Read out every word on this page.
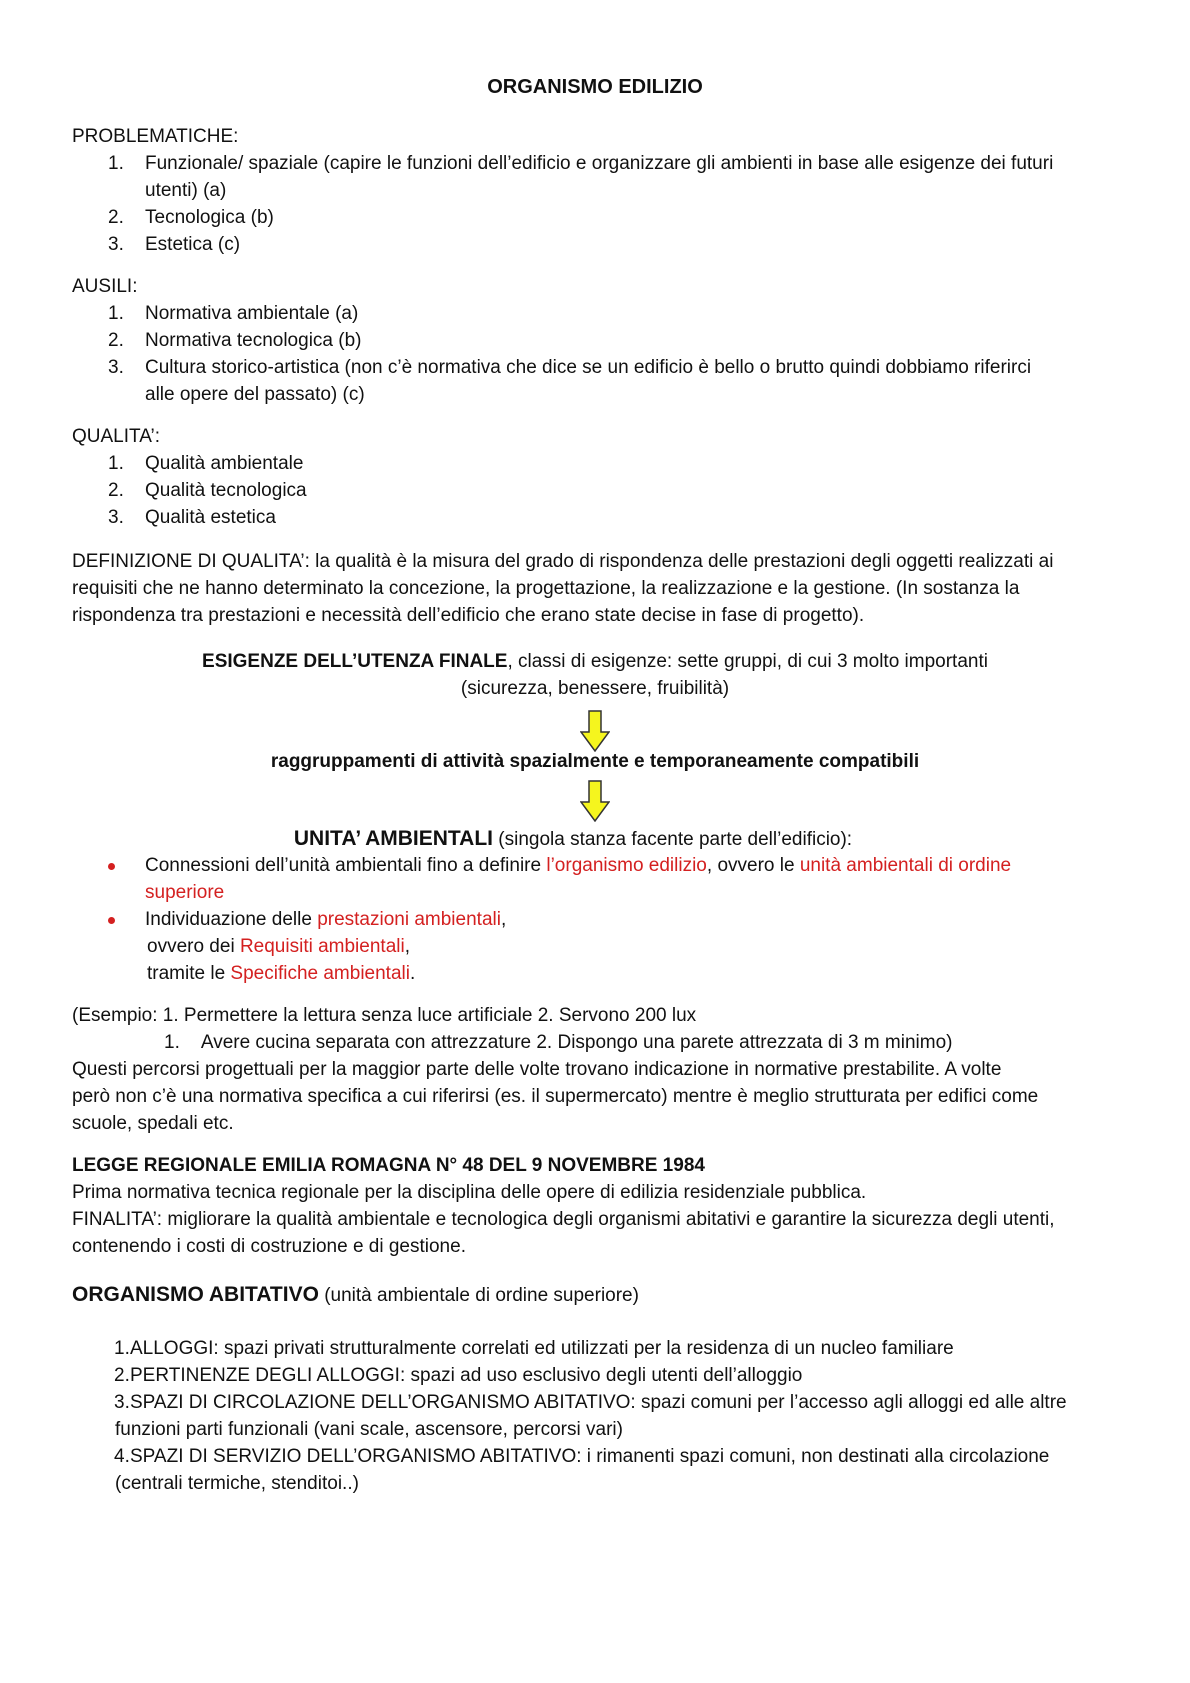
ORGANISMO EDILIZIO

PROBLEMATICHE:

1. Funzionale/ spaziale (capire le funzioni dell’edificio e organizzare gli ambienti in base alle esigenze dei futuri
utenti) (a)
2. Tecnologica (b)
3. Estetica (c)

AUSILI:

1. Normativa ambientale (a)
2. Normativa tecnologica (b)
3. Cultura storico-artistica (non c’è normativa che dice se un edificio è bello o brutto quindi dobbiamo riferirci
alle opere del passato) (c)

QUALITA’:

1. Qualità ambientale
2. Qualità tecnologica
3. Qualità estetica

DEFINIZIONE DI QUALITA’: la qualità è la misura del grado di rispondenza delle prestazioni degli oggetti realizzati ai
requisiti che ne hanno determinato la concezione, la progettazione, la realizzazione e la gestione. (In sostanza la
rispondenza tra prestazioni e necessità dell’edificio che erano state decise in fase di progetto).

ESIGENZE DELL’UTENZA FINALE, classi di esigenze: sette gruppi, di cui 3 molto importanti
(sicurezza, benessere, fruibilità)
raggruppamenti di attività spazialmente e temporaneamente compatibili
UNITA’ AMBIENTALI (singola stanza facente parte dell’edificio):
Connessioni dell’unità ambientali fino a definire l’organismo edilizio, ovvero le unità ambientali di ordine
superiore
Individuazione delle prestazioni ambientali,
ovvero dei Requisiti ambientali,
tramite le Specifiche ambientali.
(Esempio: 1. Permettere la lettura senza luce artificiale 2. Servono 200 lux
1. Avere cucina separata con attrezzature 2. Dispongo una parete attrezzata di 3 m minimo)
Questi percorsi progettuali per la maggior parte delle volte trovano indicazione in normative prestabilite. A volte
però non c’è una normativa specifica a cui riferirsi (es. il supermercato) mentre è meglio strutturata per edifici come
scuole, spedali etc.
LEGGE REGIONALE EMILIA ROMAGNA N° 48 DEL 9 NOVEMBRE 1984
Prima normativa tecnica regionale per la disciplina delle opere di edilizia residenziale pubblica.
FINALITA’: migliorare la qualità ambientale e tecnologica degli organismi abitativi e garantire la sicurezza degli utenti,
contenendo i costi di costruzione e di gestione.
ORGANISMO ABITATIVO (unità ambientale di ordine superiore)
1. ALLOGGI: spazi privati strutturalmente correlati ed utilizzati per la residenza di un nucleo familiare
2. PERTINENZE DEGLI ALLOGGI: spazi ad uso esclusivo degli utenti dell’alloggio
3. SPAZI DI CIRCOLAZIONE DELL’ORGANISMO ABITATIVO: spazi comuni per l’accesso agli alloggi ed alle altre
funzioni parti funzionali (vani scale, ascensore, percorsi vari)
4. SPAZI DI SERVIZIO DELL’ORGANISMO ABITATIVO: i rimanenti spazi comuni, non destinati alla circolazione
(centrali termiche, stenditoi..)
